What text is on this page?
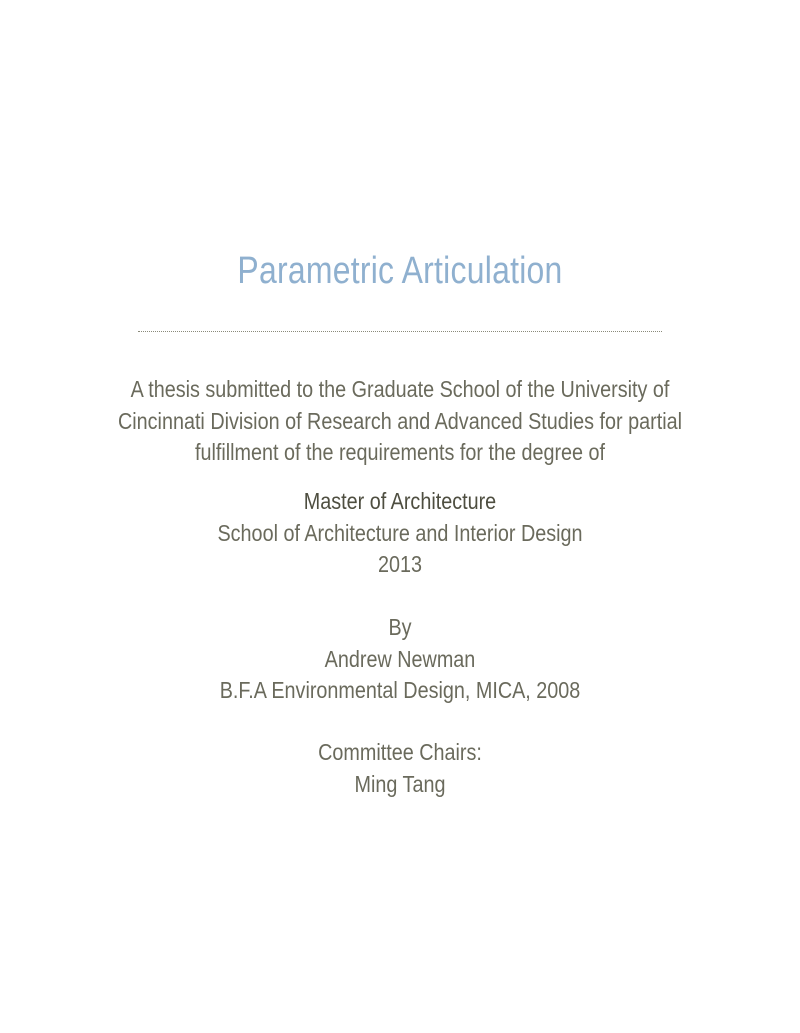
Parametric Articulation
A thesis submitted to the Graduate School of the University of
Cincinnati Division of Research and Advanced Studies for partial
fulfillment of the requirements for the degree of
Master of Architecture
School of Architecture and Interior Design
2013
By
Andrew Newman
B.F.A Environmental Design, MICA, 2008
Committee Chairs:
Ming Tang
